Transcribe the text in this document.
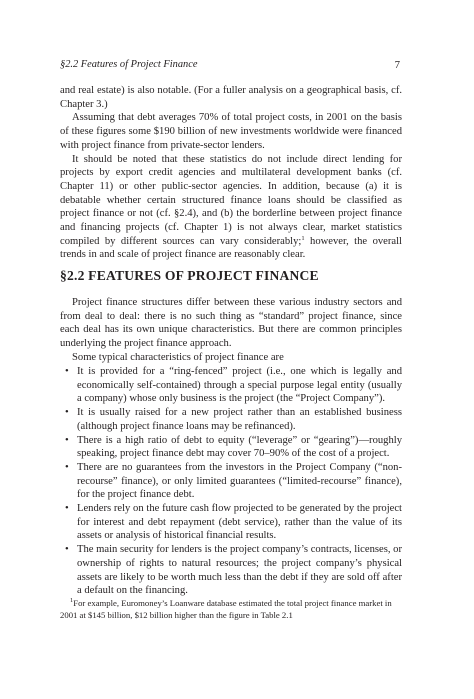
§2.2 Features of Project Finance	7

and real estate) is also notable. (For a fuller analysis on a geographical basis, cf. Chapter 3.)

Assuming that debt averages 70% of total project costs, in 2001 on the basis of these figures some $190 billion of new investments worldwide were financed with project finance from private-sector lenders.

It should be noted that these statistics do not include direct lending for projects by export credit agencies and multilateral development banks (cf. Chapter 11) or other public-sector agencies. In addition, because (a) it is debatable whether certain structured finance loans should be classified as project finance or not (cf. §2.4), and (b) the borderline between project finance and financing projects (cf. Chapter 1) is not always clear, market statistics compiled by different sources can vary considerably;$^1$ however, the overall trends in and scale of project finance are reasonably clear.

§2.2 FEATURES OF PROJECT FINANCE

Project finance structures differ between these various industry sectors and from deal to deal: there is no such thing as “standard” project finance, since each deal has its own unique characteristics. But there are common principles underlying the project finance approach.

Some typical characteristics of project finance are

• It is provided for a “ring-fenced” project (i.e., one which is legally and economically self-contained) through a special purpose legal entity (usually a company) whose only business is the project (the “Project Company”).
• It is usually raised for a new project rather than an established business (although project finance loans may be refinanced).
• There is a high ratio of debt to equity (“leverage” or “gearing”)—roughly speaking, project finance debt may cover 70–90% of the cost of a project.
• There are no guarantees from the investors in the Project Company (“non-recourse” finance), or only limited guarantees (“limited-recourse” finance), for the project finance debt.
• Lenders rely on the future cash flow projected to be generated by the project for interest and debt repayment (debt service), rather than the value of its assets or analysis of historical financial results.
• The main security for lenders is the project company’s contracts, licenses, or ownership of rights to natural resources; the project company’s physical assets are likely to be worth much less than the debt if they are sold off after a default on the financing.

$^1$For example, Euromoney’s Loanware database estimated the total project finance market in 2001 at $145 billion, $12 billion higher than the figure in Table 2.1
